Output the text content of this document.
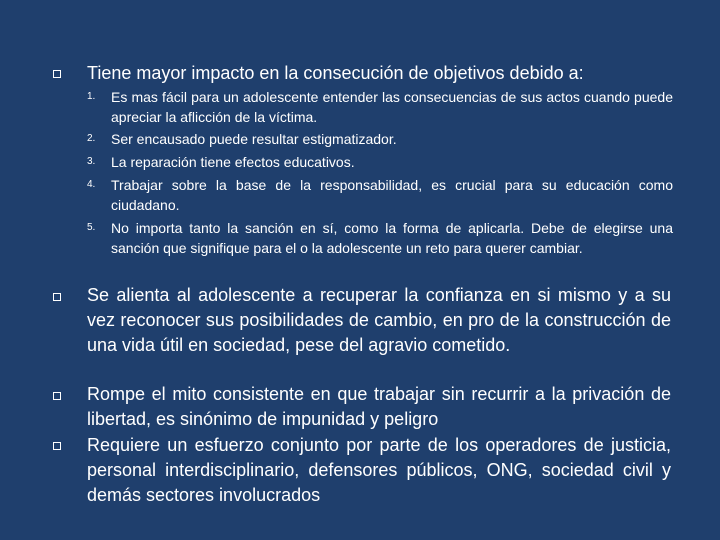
Tiene mayor impacto en la consecución de objetivos debido a:
1.	Es mas fácil para un adolescente entender las consecuencias de sus actos cuando puede apreciar la aflicción de la víctima.
2.	Ser encausado puede resultar estigmatizador.
3.	La reparación tiene efectos educativos.
4.	Trabajar sobre la base de la responsabilidad, es crucial para su educación como ciudadano.
5.	No importa tanto la sanción en sí, como la forma de aplicarla. Debe de elegirse una sanción que signifique para el o la adolescente un reto para querer cambiar.
Se alienta al adolescente a recuperar la confianza en si mismo y a su vez reconocer sus posibilidades de cambio, en pro de la construcción de una vida útil en sociedad, pese del agravio cometido.
Rompe el mito consistente en que trabajar sin recurrir a la privación de libertad, es sinónimo de impunidad y peligro
Requiere un esfuerzo conjunto por parte de los operadores de justicia, personal interdisciplinario, defensores públicos, ONG, sociedad civil y demás sectores involucrados
